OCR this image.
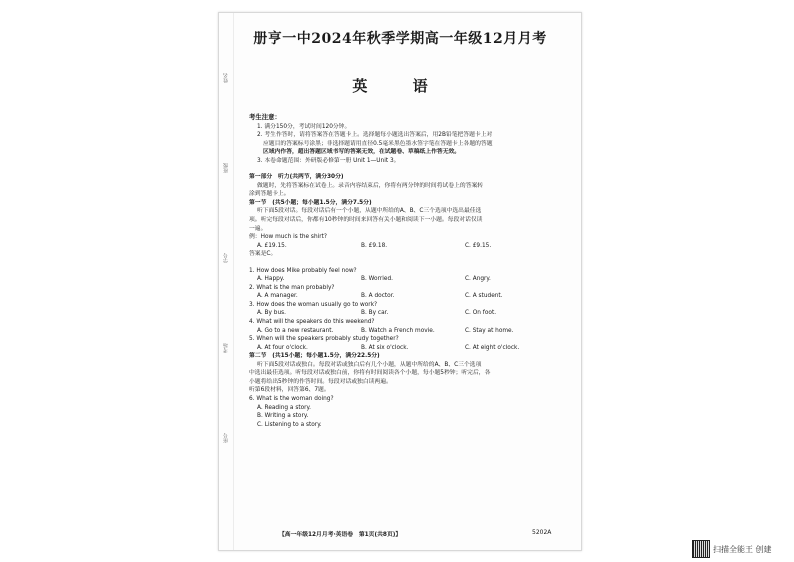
姓名
班级
学号
考场
座号
册亨一中2024年秋季学期高一年级12月月考
英 语
考生注意：
1. 满分150分，考试时间120分钟。
2. 考生作答时，请将答案答在答题卡上。选择题每小题选出答案后，用2B铅笔把答题卡上对
应题目的答案标号涂黑；非选择题请用直径0.5毫米黑色墨水签字笔在答题卡上各题的答题
区域内作答，超出答题区域书写的答案无效，在试题卷、草稿纸上作答无效。
3. 本卷命题范围：外研版必修第一册 Unit 1—Unit 3。
第一部分　听力(共两节，满分30分)
做题时，先将答案标在试卷上。录音内容结束后，你将有两分钟的时间将试卷上的答案转
涂到答题卡上。
第一节　(共5小题；每小题1.5分，满分7.5分)
听下面5段对话。每段对话后有一个小题，从题中所给的A、B、C三个选项中选出最佳选
项。听完每段对话后，你都有10秒钟的时间来回答有关小题和阅读下一小题。每段对话仅读
一遍。
例：How much is the shirt?
A. £19.15.	B. £9.18.	C. £9.15.
答案是C。
1. How does Mike probably feel now?
A. Happy.	B. Worried.	C. Angry.
2. What is the man probably?
A. A manager.	B. A doctor.	C. A student.
3. How does the woman usually go to work?
A. By bus.	B. By car.	C. On foot.
4. What will the speakers do this weekend?
A. Go to a new restaurant.	B. Watch a French movie.	C. Stay at home.
5. When will the speakers probably study together?
A. At four o'clock.	B. At six o'clock.	C. At eight o'clock.
第二节　(共15小题；每小题1.5分，满分22.5分)
听下面5段对话或独白。每段对话或独白后有几个小题，从题中所给的A、B、C三个选项
中选出最佳选项。听每段对话或独白前，你将有时间阅读各个小题，每小题5秒钟；听完后，各
小题将给出5秒钟的作答时间。每段对话或独白读两遍。
听第6段材料，回答第6、7题。
6. What is the woman doing?
A. Reading a story.
B. Writing a story.
C. Listening to a story.
【高一年级12月月考·英语卷　第1页(共8页)】	5202A
扫描全能王 创建
